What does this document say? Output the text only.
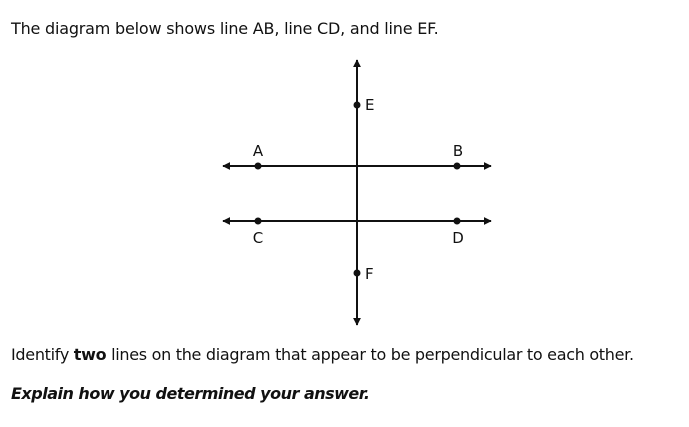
The diagram below shows line AB, line CD, and line EF.
A	B
C	D
E
F
Identify two lines on the diagram that appear to be perpendicular to each other.
Explain how you determined your answer.
